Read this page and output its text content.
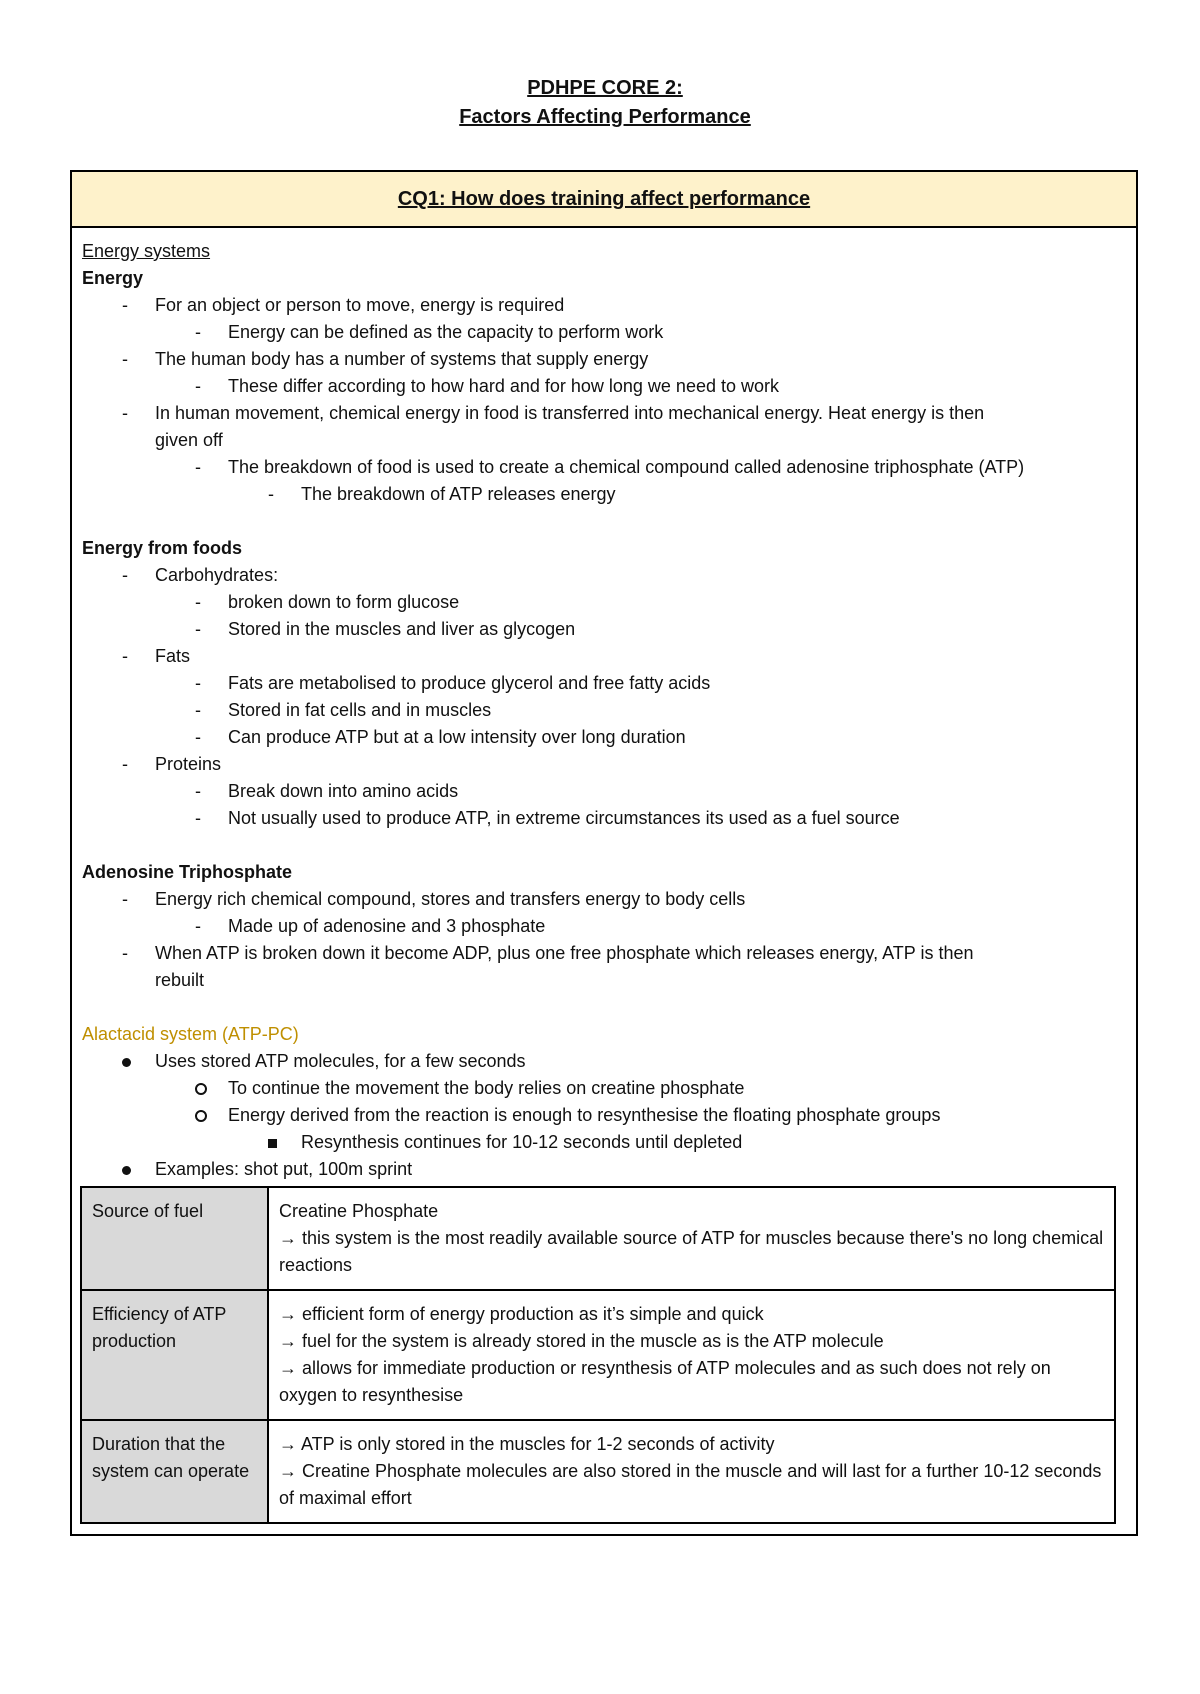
PDHPE CORE 2:
Factors Affecting Performance
CQ1: How does training affect performance
Energy systems
Energy
- For an object or person to move, energy is required
- Energy can be defined as the capacity to perform work
- The human body has a number of systems that supply energy
- These differ according to how hard and for how long we need to work
- In human movement, chemical energy in food is transferred into mechanical energy. Heat energy is then
given off
- The breakdown of food is used to create a chemical compound called adenosine triphosphate (ATP)
- The breakdown of ATP releases energy
Energy from foods
- Carbohydrates:
- broken down to form glucose
- Stored in the muscles and liver as glycogen
- Fats
- Fats are metabolised to produce glycerol and free fatty acids
- Stored in fat cells and in muscles
- Can produce ATP but at a low intensity over long duration
- Proteins
- Break down into amino acids
- Not usually used to produce ATP, in extreme circumstances its used as a fuel source
Adenosine Triphosphate
- Energy rich chemical compound, stores and transfers energy to body cells
- Made up of adenosine and 3 phosphate
- When ATP is broken down it become ADP, plus one free phosphate which releases energy, ATP is then
rebuilt
Alactacid system (ATP-PC)
Uses stored ATP molecules, for a few seconds
To continue the movement the body relies on creatine phosphate
Energy derived from the reaction is enough to resynthesise the floating phosphate groups
Resynthesis continues for 10-12 seconds until depleted
Examples: shot put, 100m sprint
Source of fuel	Creatine Phosphate
→ this system is the most readily available source of ATP for muscles because there's no long chemical reactions

Efficiency of ATP production	→ efficient form of energy production as it’s simple and quick
→ fuel for the system is already stored in the muscle as is the ATP molecule
→ allows for immediate production or resynthesis of ATP molecules and as such does not rely on oxygen to resynthesise

Duration that the system can operate	→ ATP is only stored in the muscles for 1-2 seconds of activity
→ Creatine Phosphate molecules are also stored in the muscle and will last for a further 10-12 seconds of maximal effort
